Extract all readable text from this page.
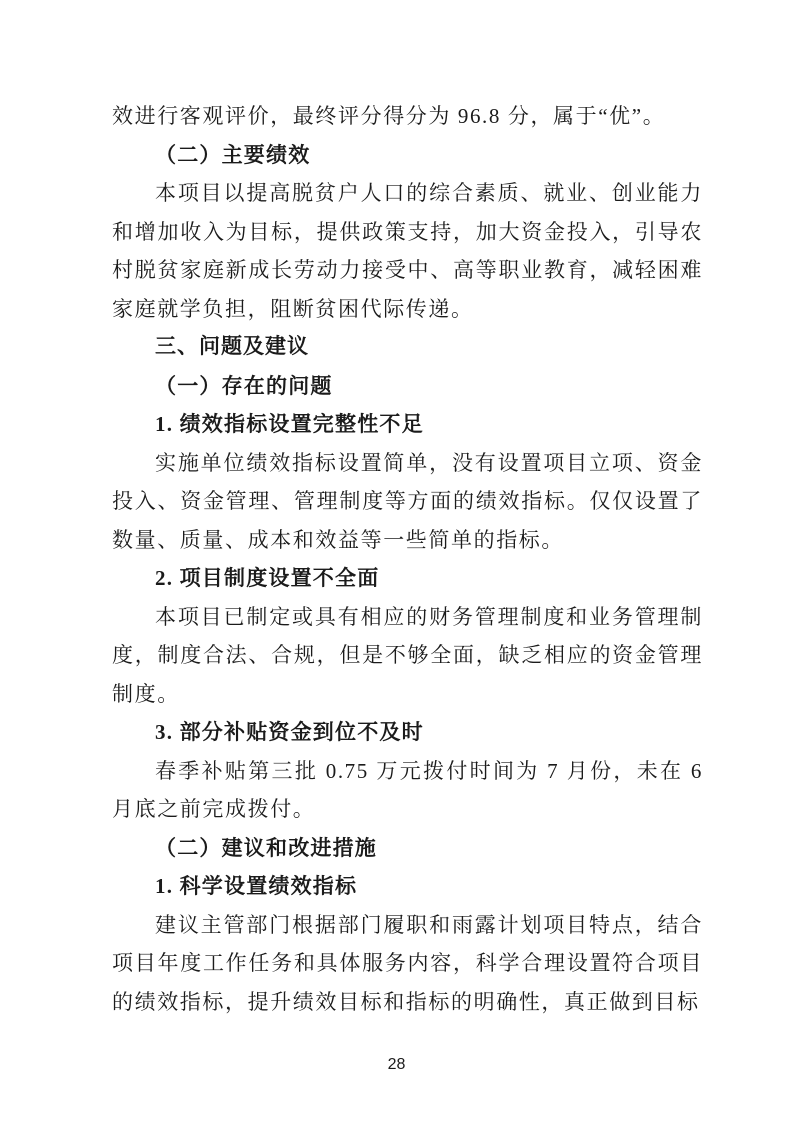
效进行客观评价，最终评分得分为 96.8 分，属于“优”。

（二）主要绩效

本项目以提高脱贫户人口的综合素质、就业、创业能力和增加收入为目标，提供政策支持，加大资金投入，引导农村脱贫家庭新成长劳动力接受中、高等职业教育，减轻困难家庭就学负担，阻断贫困代际传递。

三、问题及建议

（一）存在的问题

1. 绩效指标设置完整性不足

实施单位绩效指标设置简单，没有设置项目立项、资金投入、资金管理、管理制度等方面的绩效指标。仅仅设置了数量、质量、成本和效益等一些简单的指标。

2. 项目制度设置不全面

本项目已制定或具有相应的财务管理制度和业务管理制度，制度合法、合规，但是不够全面，缺乏相应的资金管理制度。

3. 部分补贴资金到位不及时

春季补贴第三批 0.75 万元拨付时间为 7 月份，未在 6 月底之前完成拨付。

（二）建议和改进措施

1. 科学设置绩效指标

建议主管部门根据部门履职和雨露计划项目特点，结合项目年度工作任务和具体服务内容，科学合理设置符合项目的绩效指标，提升绩效目标和指标的明确性，真正做到目标

28
